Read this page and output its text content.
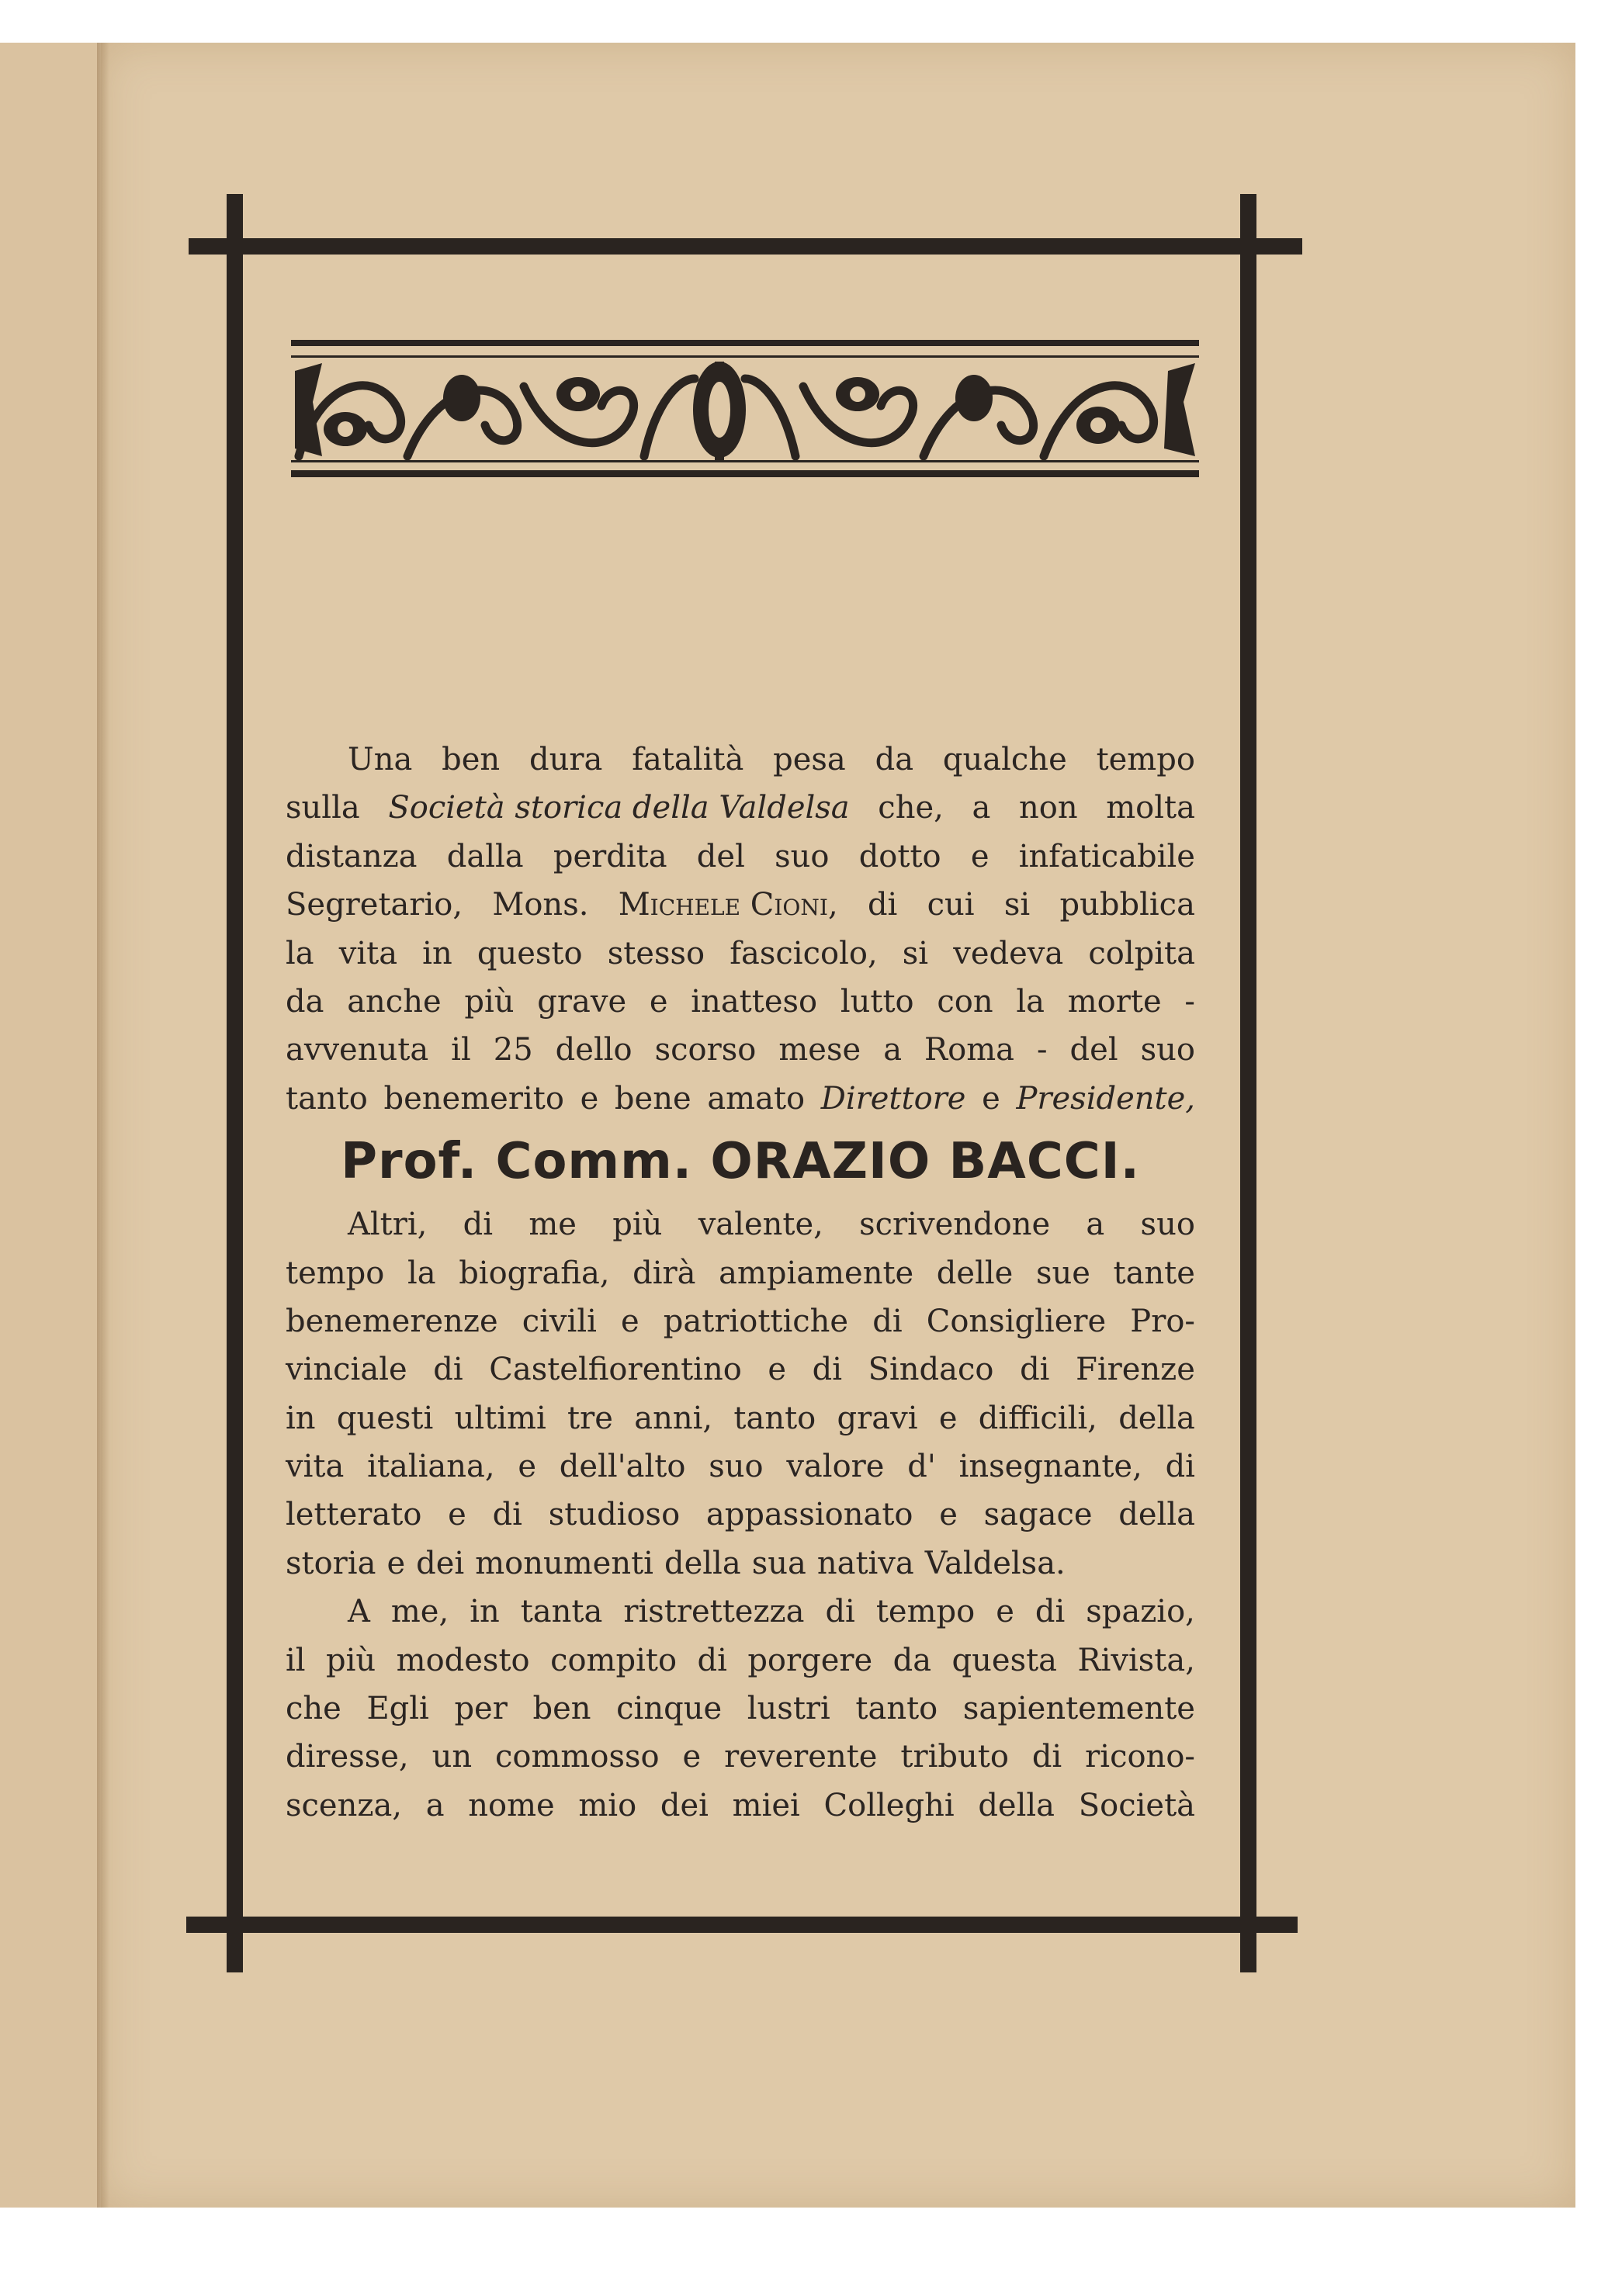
Una ben dura fatalità pesa da qualche tempo
sulla Società storica della Valdelsa che, a non molta
distanza dalla perdita del suo dotto e infaticabile
Segretario, Mons. Michele Cioni, di cui si pubblica
la vita in questo stesso fascicolo, si vedeva colpita
da anche più grave e inatteso lutto con la morte -
avvenuta il 25 dello scorso mese a Roma - del suo
tanto benemerito e bene amato Direttore e Presidente,
Prof. Comm. ORAZIO BACCI.
Altri, di me più valente, scrivendone a suo
tempo la biografia, dirà ampiamente delle sue tante
benemerenze civili e patriottiche di Consigliere Pro-
vinciale di Castelfiorentino e di Sindaco di Firenze
in questi ultimi tre anni, tanto gravi e difficili, della
vita italiana, e dell'alto suo valore d' insegnante, di
letterato e di studioso appassionato e sagace della
storia e dei monumenti della sua nativa Valdelsa.
A me, in tanta ristrettezza di tempo e di spazio,
il più modesto compito di porgere da questa Rivista,
che Egli per ben cinque lustri tanto sapientemente
diresse, un commosso e reverente tributo di ricono-
scenza, a nome mio dei miei Colleghi della Società
